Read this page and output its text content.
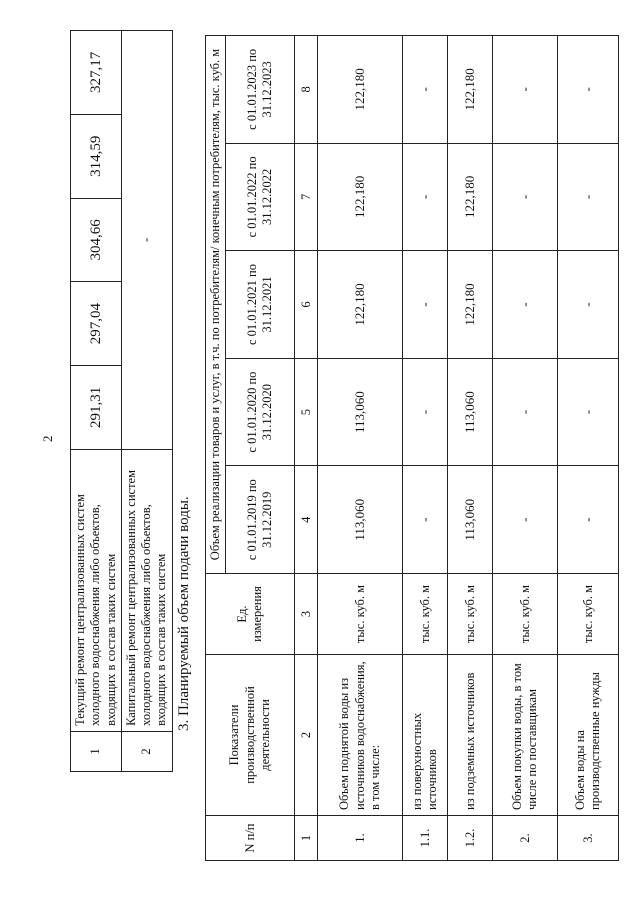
2
1	Текущий ремонт централизованных систем холодного водоснабжения либо объектов, входящих в состав таких систем	291,31	297,04	304,66	314,59	327,17
2	Капитальный ремонт централизованных систем холодного водоснабжения либо объектов, входящих в состав таких систем	-				
3. Планируемый объем подачи воды.
N п/п	Показатели производственной деятельности	Ед. измерения	Объем реализации товаров и услуг, в т.ч. по потребителям/ конечным потребителям, тыс. куб. м				
			с 01.01.2019 по 31.12.2019	с 01.01.2020 по 31.12.2020	с 01.01.2021 по 31.12.2021	с 01.01.2022 по 31.12.2022	с 01.01.2023 по 31.12.2023
1	2	3	4	5	6	7	8
1.	Объем поднятой воды из источников водоснабжения, в том числе:	тыс. куб. м	113,060	113,060	122,180	122,180	122,180
1.1.	из поверхностных источников	тыс. куб. м	-	-	-	-	-
1.2.	из подземных источников	тыс. куб. м	113,060	113,060	122,180	122,180	122,180
2.	Объем покупки воды, в том числе по поставщикам	тыс. куб. м	-	-	-	-	-
3.	Объем воды на производственные нужды	тыс. куб. м	-	-	-	-	-
